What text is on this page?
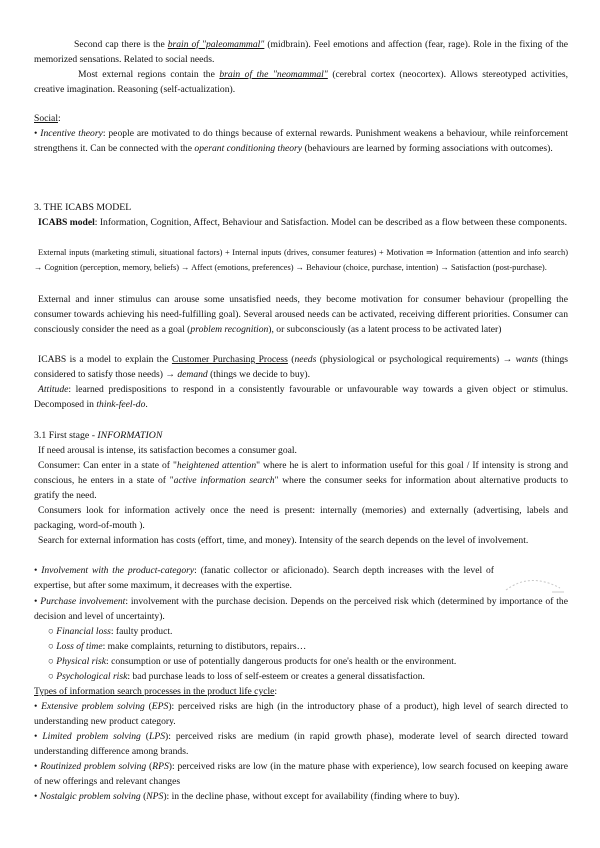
Second cap there is the brain of "paleomammal" (midbrain). Feel emotions and affection (fear, rage). Role in the fixing of the memorized sensations. Related to social needs.

Most external regions contain the brain of the "neomammal" (cerebral cortex (neocortex). Allows stereotyped activities, creative imagination. Reasoning (self-actualization).

Social:

• Incentive theory: people are motivated to do things because of external rewards. Punishment weakens a behaviour, while reinforcement strengthens it. Can be connected with the operant conditioning theory (behaviours are learned by forming associations with outcomes).

3. THE ICABS MODEL

ICABS model: Information, Cognition, Affect, Behaviour and Satisfaction. Model can be described as a flow between these components.

External inputs (marketing stimuli, situational factors) + Internal inputs (drives, consumer features) + Motivation ⇒ Information (attention and info search) → Cognition (perception, memory, beliefs) → Affect (emotions, preferences) → Behaviour (choice, purchase, intention) → Satisfaction (post-purchase).

External and inner stimulus can arouse some unsatisfied needs, they become motivation for consumer behaviour (propelling the consumer towards achieving his need-fulfilling goal). Several aroused needs can be activated, receiving different priorities. Consumer can consciously consider the need as a goal (problem recognition), or subconsciously (as a latent process to be activated later)

ICABS is a model to explain the Customer Purchasing Process (needs (physiological or psychological requirements) → wants (things considered to satisfy those needs) → demand (things we decide to buy).

Attitude: learned predispositions to respond in a consistently favourable or unfavourable way towards a given object or stimulus. Decomposed in think-feel-do.

3.1 First stage - INFORMATION

If need arousal is intense, its satisfaction becomes a consumer goal.

Consumer: Can enter in a state of "heightened attention" where he is alert to information useful for this goal / If intensity is strong and conscious, he enters in a state of "active information search" where the consumer seeks for information about alternative products to gratify the need.

Consumers look for information actively once the need is present: internally (memories) and externally (advertising, labels and packaging, word-of-mouth ).

Search for external information has costs (effort, time, and money). Intensity of the search depends on the level of involvement.

• Involvement with the product-category: (fanatic collector or aficionado). Search depth increases with the level of expertise, but after some maximum, it decreases with the expertise.

• Purchase involvement: involvement with the purchase decision. Depends on the perceived risk which (determined by importance of the decision and level of uncertainty).

○ Financial loss: faulty product.

○ Loss of time: make complaints, returning to distibutors, repairs…

○ Physical risk: consumption or use of potentially dangerous products for one's health or the environment.

○ Psychological risk: bad purchase leads to loss of self-esteem or creates a general dissatisfaction.

Types of information search processes in the product life cycle:

• Extensive problem solving (EPS): perceived risks are high (in the introductory phase of a product), high level of search directed to understanding new product category.

• Limited problem solving (LPS): perceived risks are medium (in rapid growth phase), moderate level of search directed toward understanding difference among brands.

• Routinized problem solving (RPS): perceived risks are low (in the mature phase with experience), low search focused on keeping aware of new offerings and relevant changes

• Nostalgic problem solving (NPS): in the decline phase, without except for availability (finding where to buy).
